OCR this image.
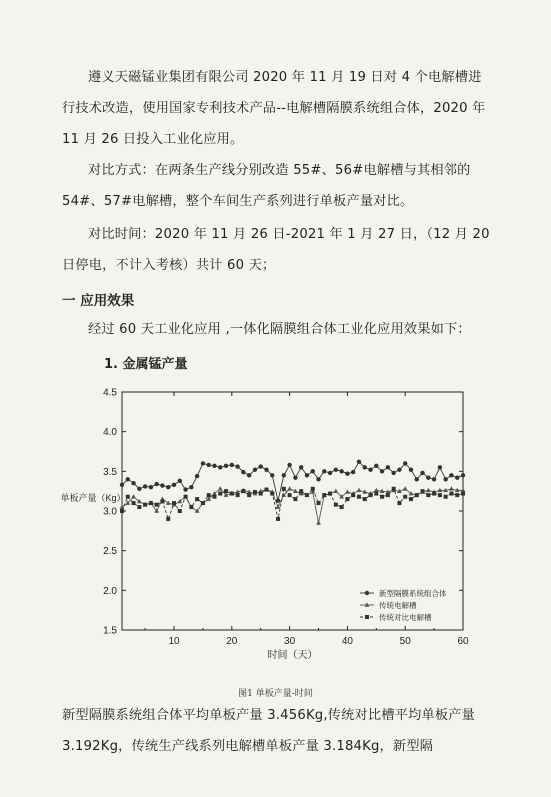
遵义天磁锰业集团有限公司 2020 年 11 月 19 日对 4 个电解槽进行技术改造，使用国家专利技术产品--电解槽隔膜系统组合体，2020 年 11 月 26 日投入工业化应用。

对比方式：在两条生产线分别改造 55#、56#电解槽与其相邻的 54#、57#电解槽，整个车间生产系列进行单板产量对比。

对比时间：2020 年 11 月 26 日-2021 年 1 月 27 日，（12 月 20 日停电，不计入考核）共计 60 天；

一 应用效果

经过 60 天工业化应用 ,一体化隔膜组合体工业化应用效果如下：

1. 金属锰产量

1.5
2.0
2.5
3.0
3.5
4.0
4.5
10	20	30	40	50	60
时间（天）
单板产量（Kg）
新型隔膜系统组合体
传统电解槽
传统对比电解槽
图1 单板产量-时间

新型隔膜系统组合体平均单板产量 3.456Kg,传统对比槽平均单板产量 3.192Kg，传统生产线系列电解槽单板产量 3.184Kg，新型隔
